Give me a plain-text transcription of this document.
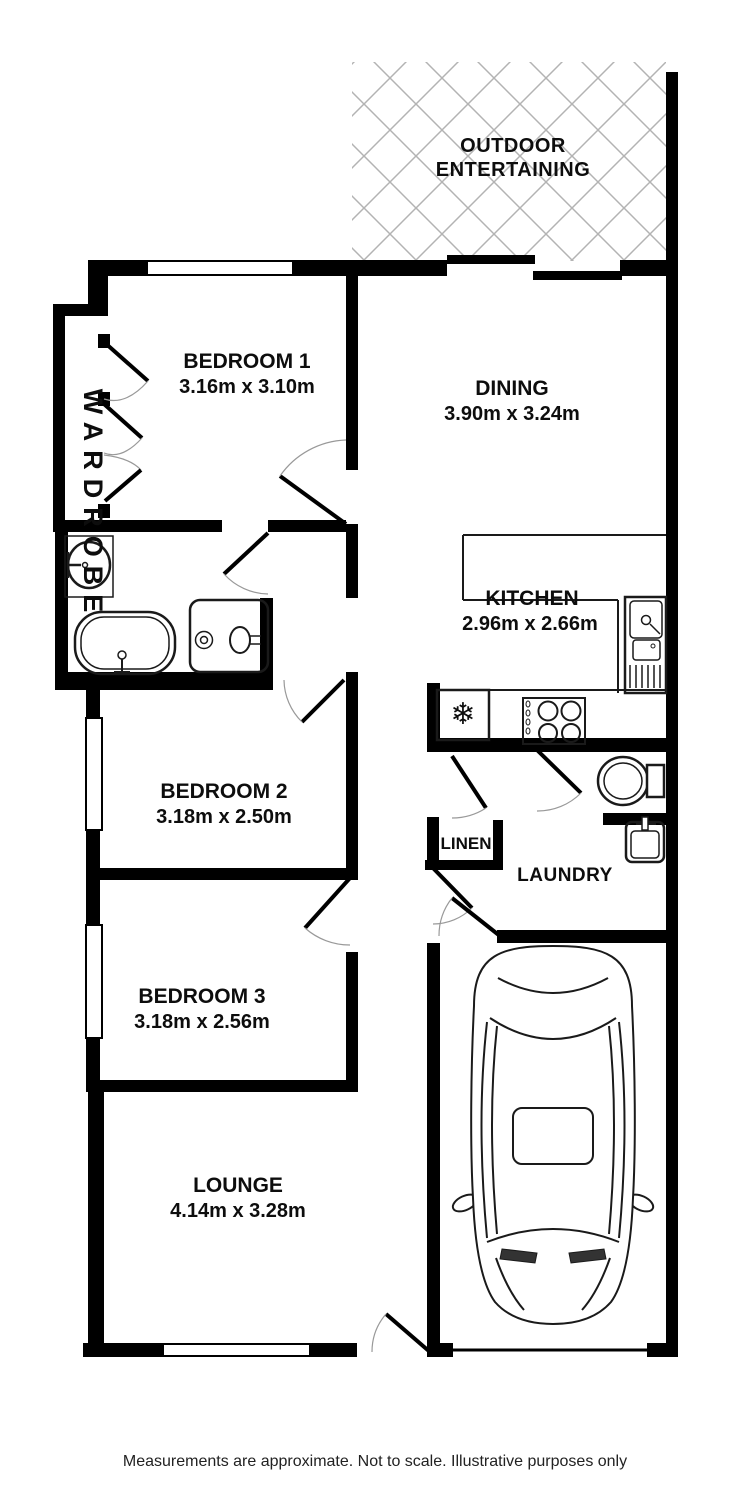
❄
OUTDOOR
ENTERTAINING
BEDROOM 1
3.16m x 3.10m	DINING
3.90m x 3.24m
KITCHEN
2.96m x 2.66m
WARDROBE
BEDROOM 2
3.18m x 2.50m
LINEN
LAUNDRY
BEDROOM 3
3.18m x 2.56m
LOUNGE
4.14m x 3.28m
Measurements are approximate. Not to scale. Illustrative purposes only
